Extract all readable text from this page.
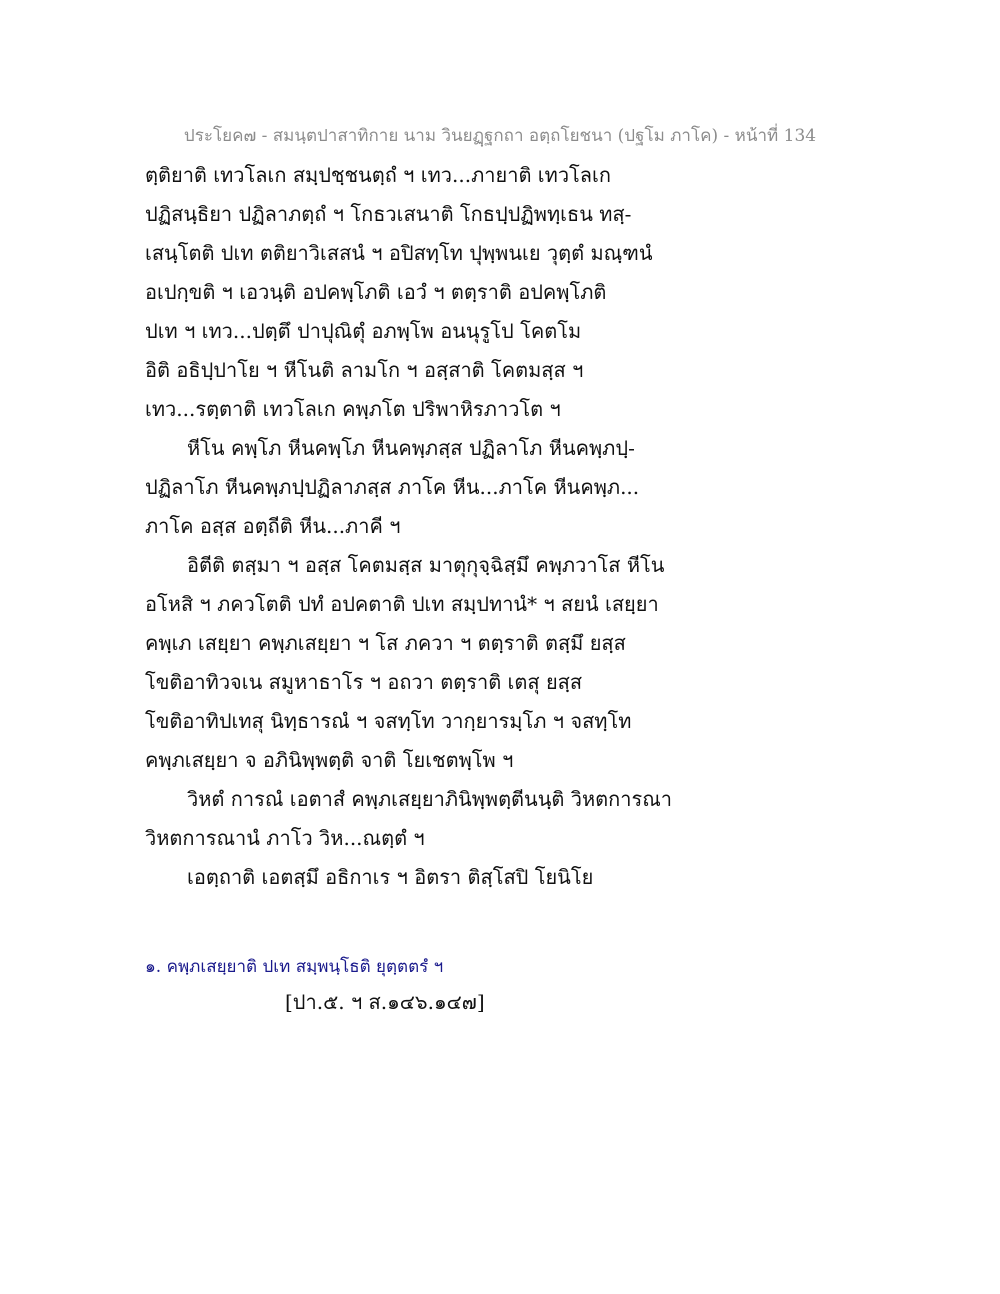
ประโยค๗ - สมนฺตปาสาทิกาย นาม วินยฏฺฐกถา อตฺถโยชนา (ปฐโม ภาโค) - หน้าที่ 134
ตฺติยาติ เทวโลเก สมฺปชฺชนตฺถํ ฯ เทว...ภายาติ เทวโลเก
ปฏิสนฺธิยา ปฏิลาภตฺถํ ฯ โกธวเสนาติ โกธปฺปฏิพทฺเธน ทสฺ-
เสนฺโตติ ปเท ตติยาวิเสสนํ ฯ อปิสทฺโท ปุพฺพนเย วุตฺตํ มณฺฑนํ
อเปกฺขติ ฯ เอวนฺติ อปคพฺโภติ เอวํ ฯ ตตฺราติ อปคพฺโภติ
ปเท ฯ เทว...ปตฺตึ ปาปุณิตุํ อภพฺโพ อนนุรูโป โคตโม
อิติ อธิปฺปาโย ฯ หีโนติ ลามโก ฯ อสฺสาติ โคตมสฺส ฯ
เทว...รตฺตาติ เทวโลเก คพฺภโต ปริพาหิรภาวโต ฯ
หีโน คพฺโภ หีนคพฺโภ หีนคพฺภสฺส ปฏิลาโภ หีนคพฺภปฺ-
ปฏิลาโภ หีนคพฺภปฺปฏิลาภสฺส ภาโค หีน...ภาโค หีนคพฺภ...
ภาโค อสฺส อตฺถีติ หีน...ภาคี ฯ
อิตีติ ตสฺมา ฯ อสฺส โคตมสฺส มาตุกุจฺฉิสฺมึ คพฺภวาโส หีโน
อโหสิ ฯ ภควโตติ ปทํ อปคตาติ ปเท สมฺปทานํ* ฯ สยนํ เสยฺยา
คพฺเภ เสยฺยา คพฺภเสยฺยา ฯ โส ภควา ฯ ตตฺราติ ตสฺมึ ยสฺส
โขติอาทิวจเน สมูหาธาโร ฯ อถวา ตตฺราติ เตสุ ยสฺส
โขติอาทิปเทสุ นิทฺธารณํ ฯ จสทฺโท วากฺยารมฺโภ ฯ จสทฺโท
คพฺภเสยฺยา จ อภินิพฺพตฺติ จาติ โยเชตพฺโพ ฯ
วิหตํ การณํ เอตาสํ คพฺภเสยฺยาภินิพฺพตฺตีนนฺติ วิหตการณา
วิหตการณานํ ภาโว วิห...ณตฺตํ ฯ
เอตฺถาติ เอตสฺมึ อธิกาเร ฯ อิตรา ติสฺโสปิ โยนิโย
๑. คพฺภเสยฺยาติ ปเท สมฺพนฺโธติ ยุตฺตตรํ ฯ
[ปา.๕. ฯ ส.๑๔๖.๑๔๗]
